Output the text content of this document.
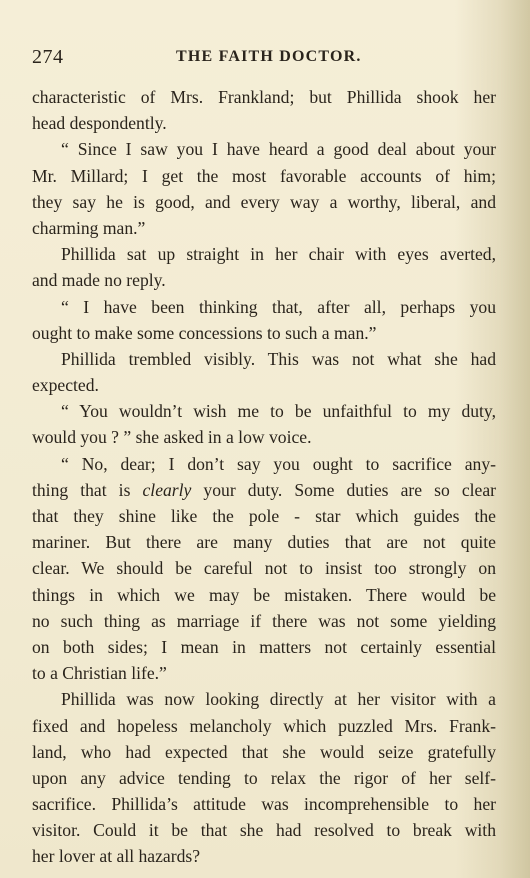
274	THE FAITH DOCTOR.
characteristic of Mrs. Frankland; but Phillida shook her
head despondently.
“ Since I saw you I have heard a good deal about your
Mr. Millard; I get the most favorable accounts of him;
they say he is good, and every way a worthy, liberal, and
charming man.”
Phillida sat up straight in her chair with eyes averted,
and made no reply.
“ I have been thinking that, after all, perhaps you
ought to make some concessions to such a man.”
Phillida trembled visibly. This was not what she had
expected.
“ You wouldn’t wish me to be unfaithful to my duty,
would you ? ” she asked in a low voice.
“ No, dear; I don’t say you ought to sacrifice any-
thing that is clearly your duty. Some duties are so clear
that they shine like the pole - star which guides the
mariner. But there are many duties that are not quite
clear. We should be careful not to insist too strongly on
things in which we may be mistaken. There would be
no such thing as marriage if there was not some yielding
on both sides; I mean in matters not certainly essential
to a Christian life.”
Phillida was now looking directly at her visitor with a
fixed and hopeless melancholy which puzzled Mrs. Frank-
land, who had expected that she would seize gratefully
upon any advice tending to relax the rigor of her self-
sacrifice. Phillida’s attitude was incomprehensible to her
visitor. Could it be that she had resolved to break with
her lover at all hazards?
